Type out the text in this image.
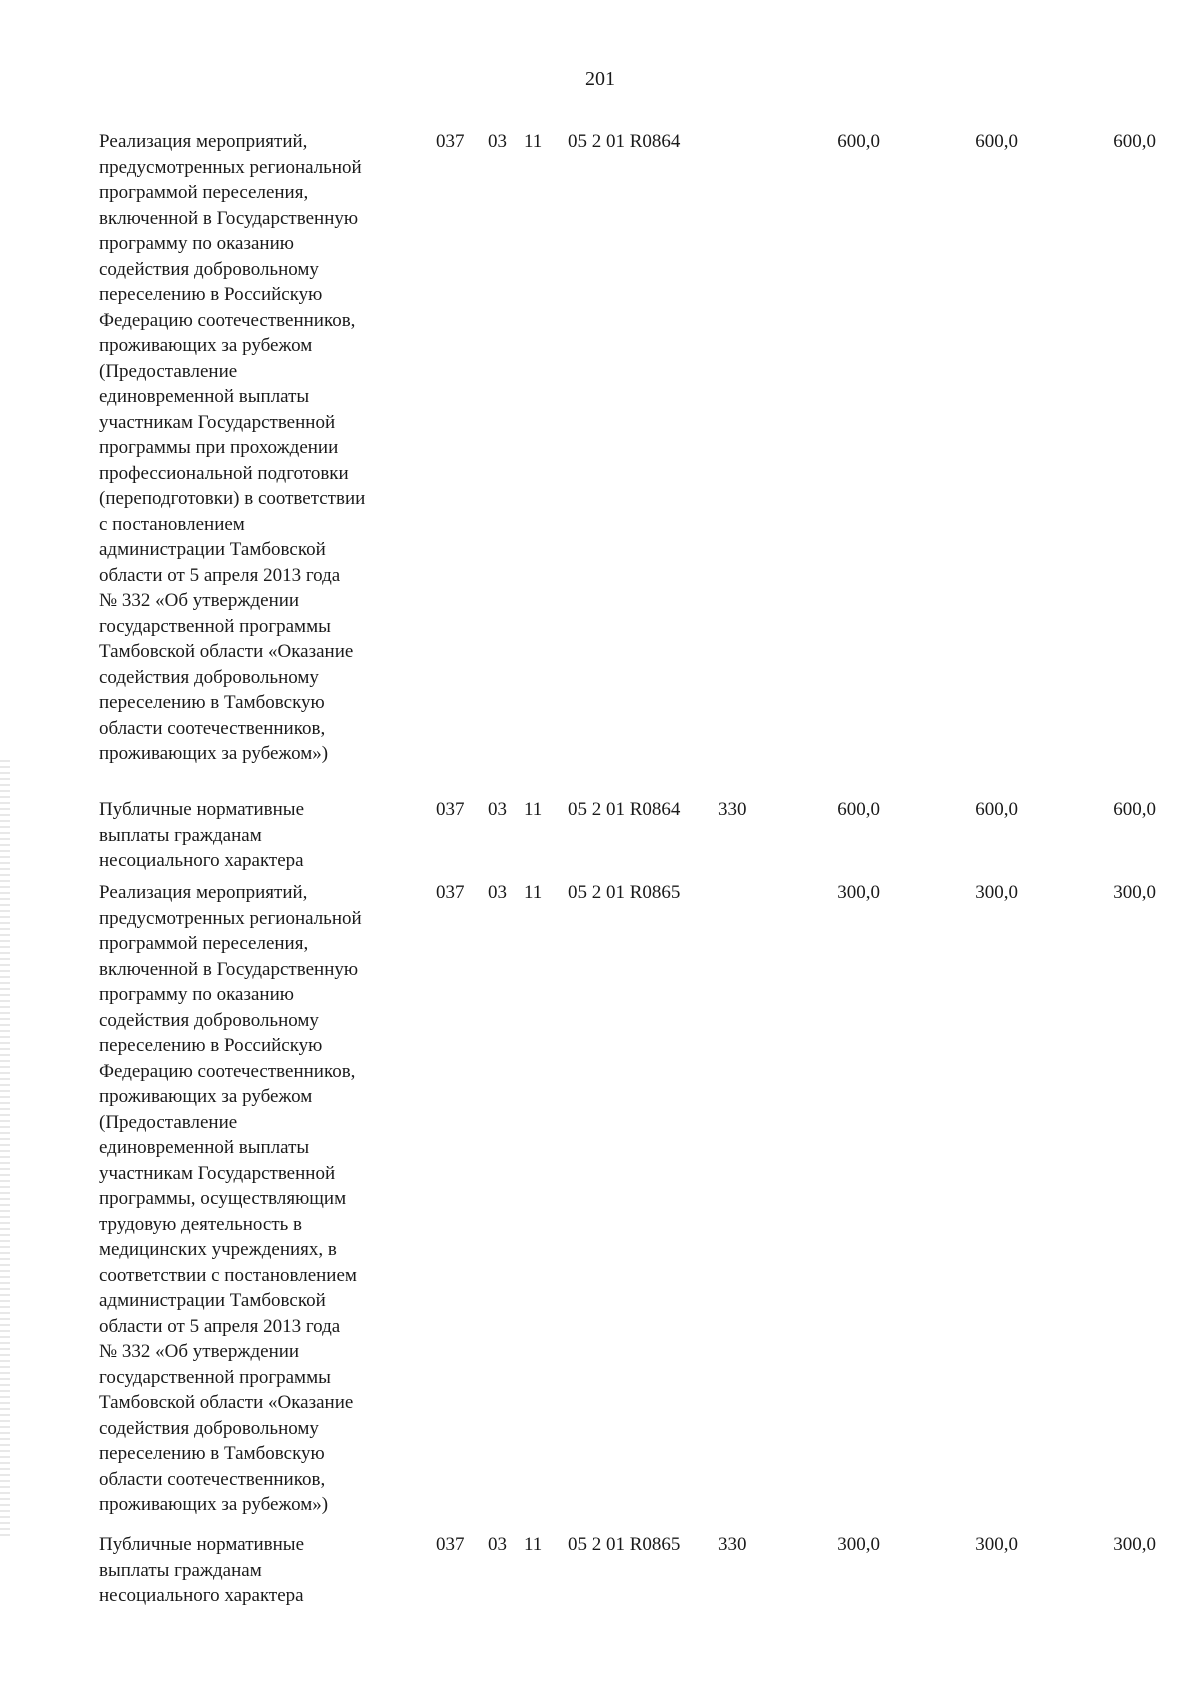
201
Реализация мероприятий,
предусмотренных региональной
программой переселения,
включенной в Государственную
программу по оказанию
содействия добровольному
переселению в Российскую
Федерацию соотечественников,
проживающих за рубежом
(Предоставление
единовременной выплаты
участникам Государственной
программы при прохождении
профессиональной подготовки
(переподготовки) в соответствии
с постановлением
администрации Тамбовской
области от 5 апреля 2013 года
№ 332 «Об утверждении
государственной программы
Тамбовской области «Оказание
содействия добровольному
переселению в Тамбовскую
области соотечественников,
проживающих за рубежом»)
037 03 11 05 2 01 R0864	600,0	600,0	600,0
Публичные нормативные
выплаты гражданам
несоциального характера
037 03 11 05 2 01 R0864 330	600,0	600,0	600,0
Реализация мероприятий,
предусмотренных региональной
программой переселения,
включенной в Государственную
программу по оказанию
содействия добровольному
переселению в Российскую
Федерацию соотечественников,
проживающих за рубежом
(Предоставление
единовременной выплаты
участникам Государственной
программы, осуществляющим
трудовую деятельность в
медицинских учреждениях, в
соответствии с постановлением
администрации Тамбовской
области от 5 апреля 2013 года
№ 332 «Об утверждении
государственной программы
Тамбовской области «Оказание
содействия добровольному
переселению в Тамбовскую
области соотечественников,
проживающих за рубежом»)
037 03 11 05 2 01 R0865	300,0	300,0	300,0
Публичные нормативные
выплаты гражданам
несоциального характера
037 03 11 05 2 01 R0865 330	300,0	300,0	300,0
